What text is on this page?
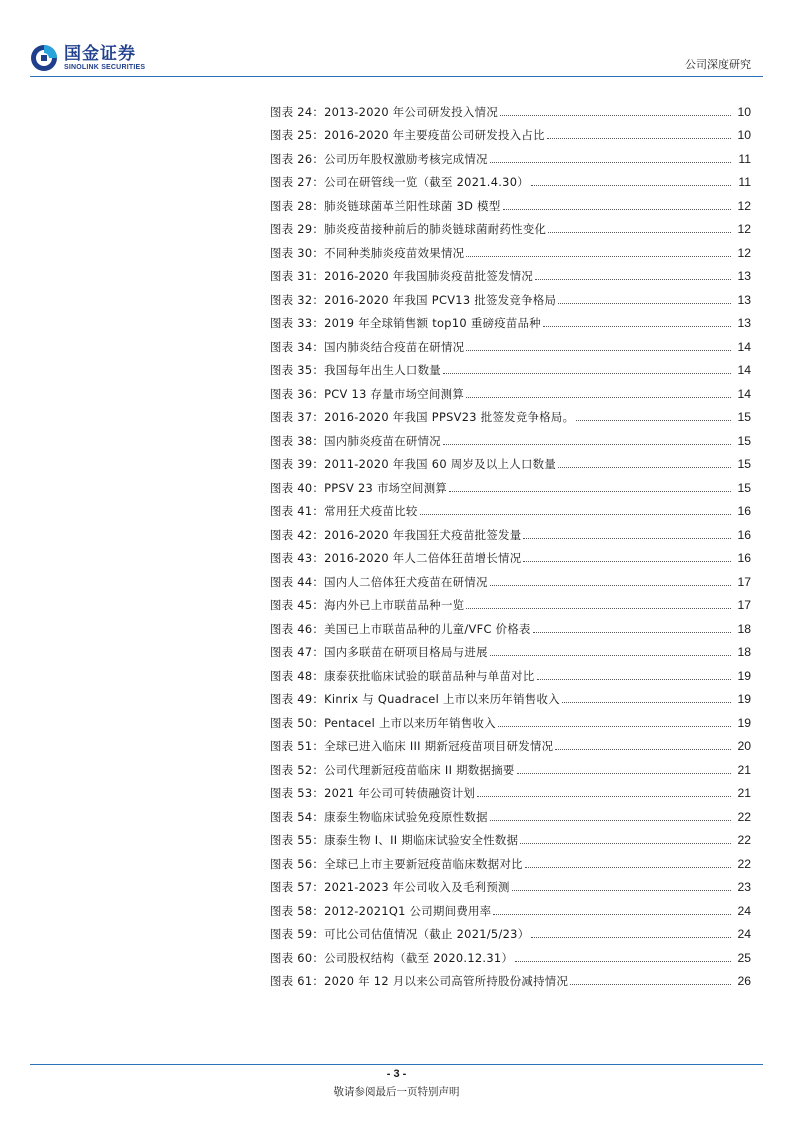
国金证券
SINOLINK SECURITIES	公司深度研究
图表 24：2013-2020 年公司研发投入情况	10
图表 25：2016-2020 年主要疫苗公司研发投入占比	10
图表 26：公司历年股权激励考核完成情况	11
图表 27：公司在研管线一览（截至 2021.4.30）	11
图表 28：肺炎链球菌革兰阳性球菌 3D 模型	12
图表 29：肺炎疫苗接种前后的肺炎链球菌耐药性变化	12
图表 30：不同种类肺炎疫苗效果情况	12
图表 31：2016-2020 年我国肺炎疫苗批签发情况	13
图表 32：2016-2020 年我国 PCV13 批签发竞争格局	13
图表 33：2019 年全球销售额 top10 重磅疫苗品种	13
图表 34：国内肺炎结合疫苗在研情况	14
图表 35：我国每年出生人口数量	14
图表 36：PCV 13 存量市场空间测算	14
图表 37：2016-2020 年我国 PPSV23 批签发竞争格局。	15
图表 38：国内肺炎疫苗在研情况	15
图表 39：2011-2020 年我国 60 周岁及以上人口数量	15
图表 40：PPSV 23 市场空间测算	15
图表 41：常用狂犬疫苗比较	16
图表 42：2016-2020 年我国狂犬疫苗批签发量	16
图表 43：2016-2020 年人二倍体狂苗增长情况	16
图表 44：国内人二倍体狂犬疫苗在研情况	17
图表 45：海内外已上市联苗品种一览	17
图表 46：美国已上市联苗品种的儿童/VFC 价格表	18
图表 47：国内多联苗在研项目格局与进展	18
图表 48：康泰获批临床试验的联苗品种与单苗对比	19
图表 49：Kinrix 与 Quadracel 上市以来历年销售收入	19
图表 50：Pentacel 上市以来历年销售收入	19
图表 51：全球已进入临床 III 期新冠疫苗项目研发情况	20
图表 52：公司代理新冠疫苗临床 II 期数据摘要	21
图表 53：2021 年公司可转债融资计划	21
图表 54：康泰生物临床试验免疫原性数据	22
图表 55：康泰生物 I、II 期临床试验安全性数据	22
图表 56：全球已上市主要新冠疫苗临床数据对比	22
图表 57：2021-2023 年公司收入及毛利预测	23
图表 58：2012-2021Q1 公司期间费用率	24
图表 59：可比公司估值情况（截止 2021/5/23）	24
图表 60：公司股权结构（截至 2020.12.31）	25
图表 61：2020 年 12 月以来公司高管所持股份减持情况	26
- 3 -
敬请参阅最后一页特别声明
